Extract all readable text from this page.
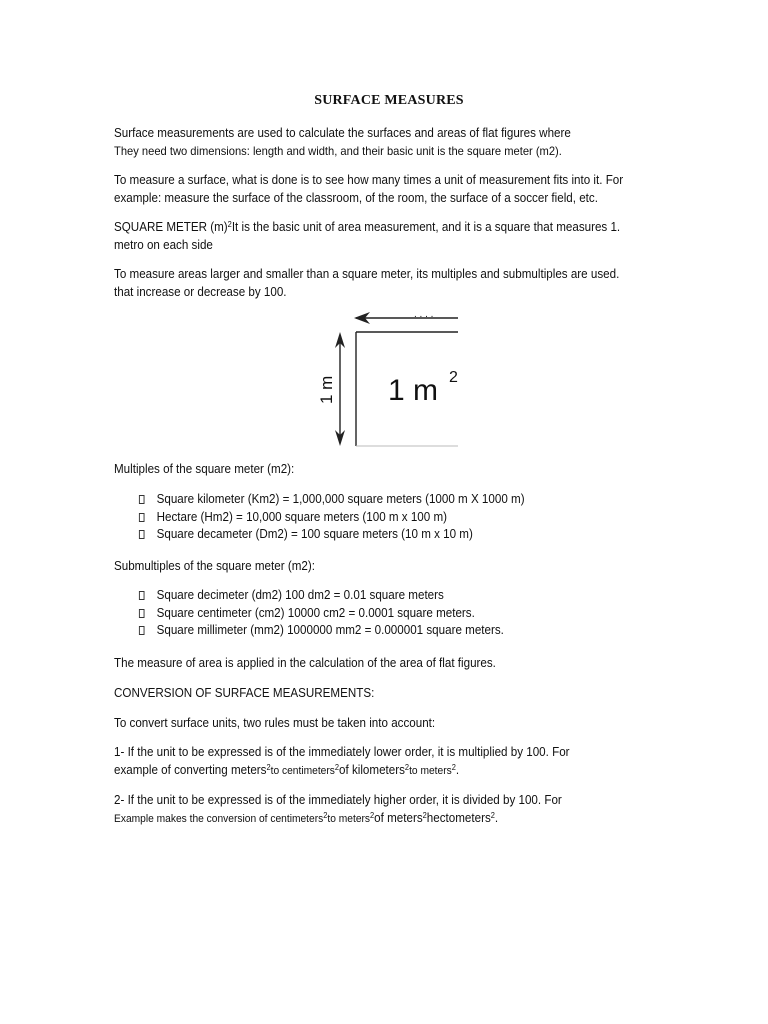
SURFACE MEASURES
Surface measurements are used to calculate the surfaces and areas of flat figures where
They need two dimensions: length and width, and their basic unit is the square meter (m2).
To measure a surface, what is done is to see how many times a unit of measurement fits into it. For
example: measure the surface of the classroom, of the room, the surface of a soccer field, etc.
SQUARE METER $(m)^2It$ is the basic unit of area measurement, and it is a square that measures 1.
metro on each side
To measure areas larger and smaller than a square meter, its multiples and submultiples are used.
that increase or decrease by 100.
. . . .
1 m 1 m 2
Multiples of the square meter (m2):
Square kilometer (Km2) = 1,000,000 square meters (1000 m X 1000 m)
Hectare (Hm2) = 10,000 square meters (100 m x 100 m)
Square decameter (Dm2) = 100 square meters (10 m x 10 m)
Submultiples of the square meter (m2):
Square decimeter (dm2) 100 dm2 = 0.01 square meters
Square centimeter (cm2) 10000 cm2 = 0.0001 square meters.
Square millimeter (mm2) 1000000 mm2 = 0.000001 square meters.
The measure of area is applied in the calculation of the area of flat figures.
CONVERSION OF SURFACE MEASUREMENTS:
To convert surface units, two rules must be taken into account:
1- If the unit to be expressed is of the immediately lower order, it is multiplied by 100. For
example of converting meters$^2$to centimeters$^2$of kilometers$^2$to meters$^2$.
2- If the unit to be expressed is of the immediately higher order, it is divided by 100. For
Example makes the conversion of centimeters$^2$to meters$^2$of meters$^2$hectometers$^2$.
